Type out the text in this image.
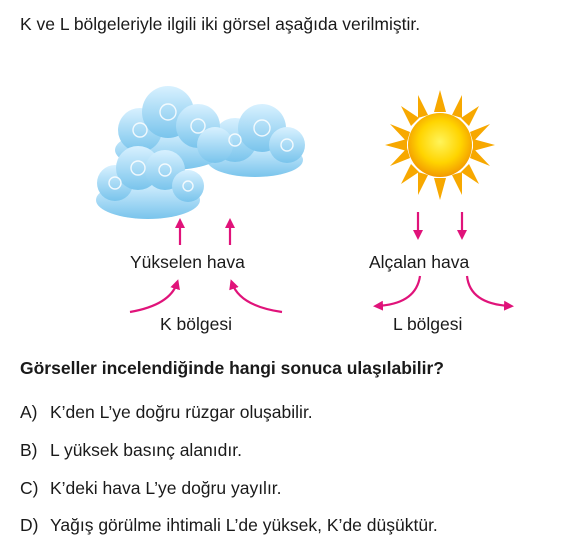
K ve L bölgeleriyle ilgili iki görsel aşağıda verilmiştir.
Yükselen hava
K bölgesi
Alçalan hava
L bölgesi
Görseller incelendiğinde hangi sonuca ulaşılabilir?
A) K’den L’ye doğru rüzgar oluşabilir.
B) L yüksek basınç alanıdır.
C) K’deki hava L’ye doğru yayılır.
D) Yağış görülme ihtimali L’de yüksek, K’de düşüktür.
